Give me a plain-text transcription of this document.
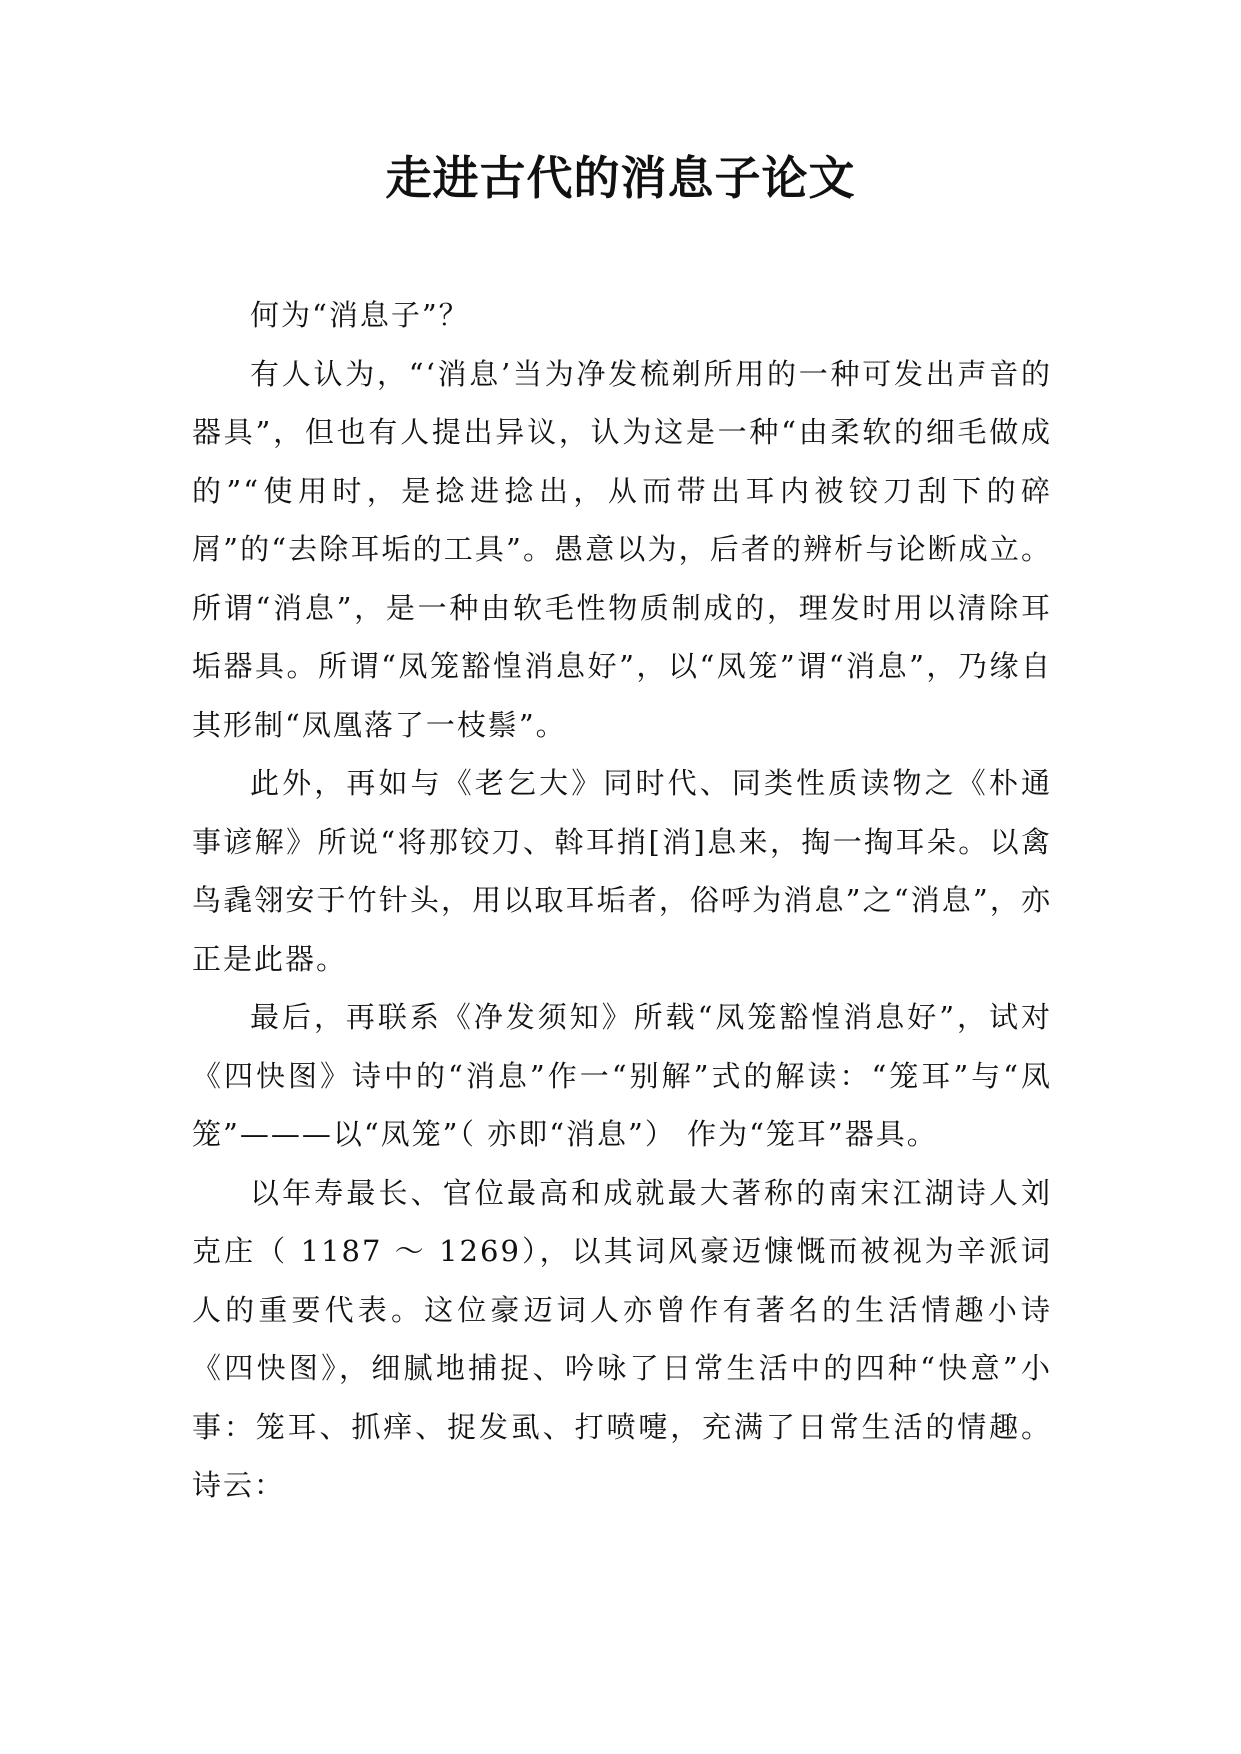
走进古代的消息子论文

何为“消息子”？

有人认为，“‘消息’当为净发梳剃所用的一种可发出声音的器具”，但也有人提出异议，认为这是一种“由柔软的细毛做成的”“使用时，是捻进捻出，从而带出耳内被铰刀刮下的碎屑”的“去除耳垢的工具”。愚意以为，后者的辨析与论断成立。所谓“消息”，是一种由软毛性物质制成的，理发时用以清除耳垢器具。所谓“凤笼豁惶消息好”，以“凤笼”谓“消息”，乃缘自其形制“凤凰落了一枝鬃”。

此外，再如与《老乞大》同时代、同类性质读物之《朴通事谚解》所说“将那铰刀、斡耳捎[消]息来，掏一掏耳朵。以禽鸟毳翎安于竹针头，用以取耳垢者，俗呼为消息”之“消息”，亦正是此器。

最后，再联系《净发须知》所载“凤笼豁惶消息好”，试对《四快图》诗中的“消息”作一“别解”式的解读：“笼耳”与“凤笼”———以“凤笼”（ 亦即“消息”） 作为“笼耳”器具。

以年寿最长、官位最高和成就最大著称的南宋江湖诗人刘克庄（ 1187 ～ 1269），以其词风豪迈慷慨而被视为辛派词人的重要代表。这位豪迈词人亦曾作有著名的生活情趣小诗《四快图》，细腻地捕捉、吟咏了日常生活中的四种“快意”小事：笼耳、抓痒、捉发虱、打喷嚏，充满了日常生活的情趣。诗云：
